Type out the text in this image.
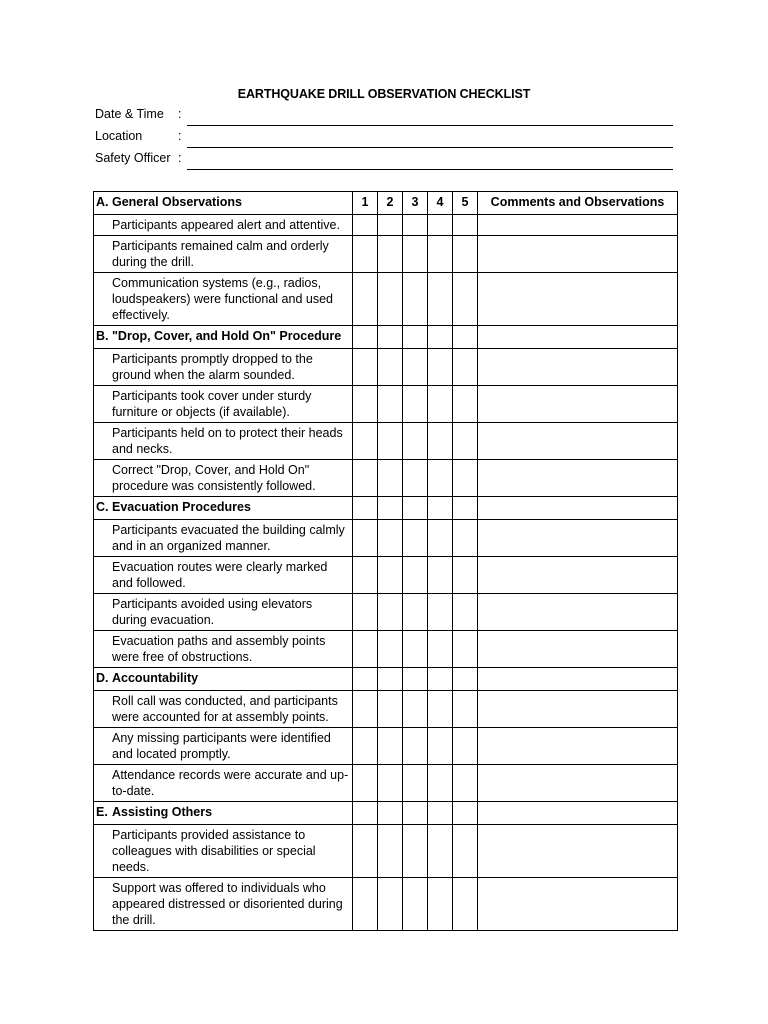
EARTHQUAKE DRILL OBSERVATION CHECKLIST
Date & Time :
Location	:
Safety Officer :
A. General Observations	1	2	3	4	5	Comments and Observations
Participants appeared alert and attentive.						
Participants remained calm and orderly during the drill.						
Communication systems (e.g., radios, loudspeakers) were functional and used effectively.						
B. "Drop, Cover, and Hold On" Procedure						
Participants promptly dropped to the ground when the alarm sounded.						
Participants took cover under sturdy furniture or objects (if available).						
Participants held on to protect their heads and necks.						
Correct "Drop, Cover, and Hold On" procedure was consistently followed.						
C. Evacuation Procedures						
Participants evacuated the building calmly and in an organized manner.						
Evacuation routes were clearly marked and followed.						
Participants avoided using elevators during evacuation.						
Evacuation paths and assembly points were free of obstructions.						
D. Accountability						
Roll call was conducted, and participants were accounted for at assembly points.						
Any missing participants were identified and located promptly.						
Attendance records were accurate and up-to-date.						
E. Assisting Others						
Participants provided assistance to colleagues with disabilities or special needs.						
Support was offered to individuals who appeared distressed or disoriented during the drill.						
